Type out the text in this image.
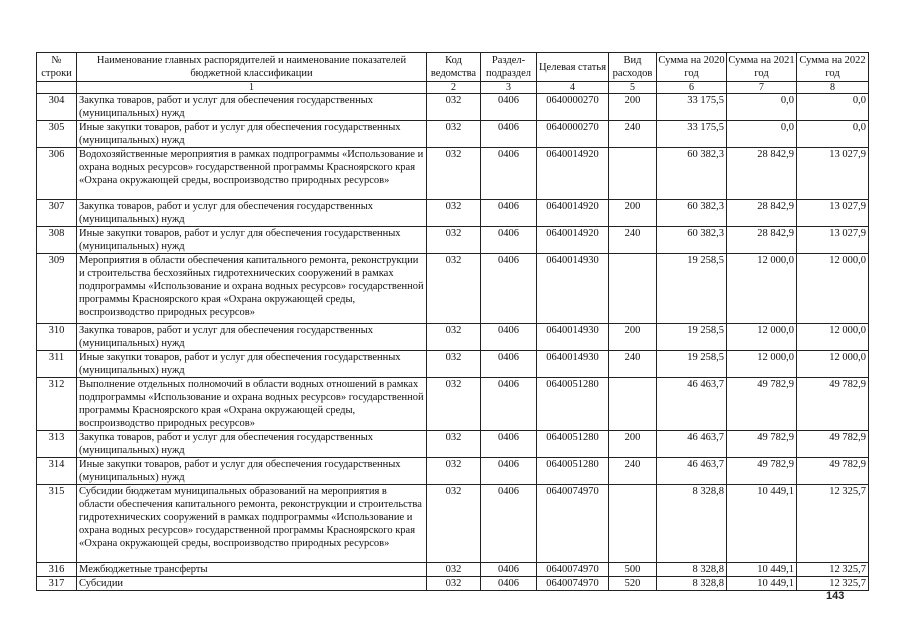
№ строки	Наименование главных распорядителей и наименование показателей бюджетной классификации	Код ведомства	Раздел-подраздел	Целевая статья	Вид расходов	Сумма на 2020 год	Сумма на 2021 год	Сумма на 2022 год
	1	2	3	4	5	6	7	8
304	Закупка товаров, работ и услуг для обеспечения государственных (муниципальных) нужд	032	0406	0640000270	200	33 175,5	0,0	0,0
305	Иные закупки товаров, работ и услуг для обеспечения государственных (муниципальных) нужд	032	0406	0640000270	240	33 175,5	0,0	0,0
306	Водохозяйственные мероприятия в рамках подпрограммы «Использование и охрана водных ресурсов» государственной программы Красноярского края «Охрана окружающей среды, воспроизводство природных ресурсов»	032	0406	0640014920		60 382,3	28 842,9	13 027,9
307	Закупка товаров, работ и услуг для обеспечения государственных (муниципальных) нужд	032	0406	0640014920	200	60 382,3	28 842,9	13 027,9
308	Иные закупки товаров, работ и услуг для обеспечения государственных (муниципальных) нужд	032	0406	0640014920	240	60 382,3	28 842,9	13 027,9
309	Мероприятия в области обеспечения капитального ремонта, реконструкции и строительства бесхозяйных гидротехнических сооружений в рамках подпрограммы «Использование и охрана водных ресурсов» государственной программы Красноярского края «Охрана окружающей среды, воспроизводство природных ресурсов»	032	0406	0640014930		19 258,5	12 000,0	12 000,0
310	Закупка товаров, работ и услуг для обеспечения государственных (муниципальных) нужд	032	0406	0640014930	200	19 258,5	12 000,0	12 000,0
311	Иные закупки товаров, работ и услуг для обеспечения государственных (муниципальных) нужд	032	0406	0640014930	240	19 258,5	12 000,0	12 000,0
312	Выполнение отдельных полномочий в области водных отношений в рамках подпрограммы «Использование и охрана водных ресурсов» государственной программы Красноярского края «Охрана окружающей среды, воспроизводство природных ресурсов»	032	0406	0640051280		46 463,7	49 782,9	49 782,9
313	Закупка товаров, работ и услуг для обеспечения государственных (муниципальных) нужд	032	0406	0640051280	200	46 463,7	49 782,9	49 782,9
314	Иные закупки товаров, работ и услуг для обеспечения государственных (муниципальных) нужд	032	0406	0640051280	240	46 463,7	49 782,9	49 782,9
315	Субсидии бюджетам муниципальных образований на мероприятия в области обеспечения капитального ремонта, реконструкции и строительства гидротехнических сооружений в рамках подпрограммы «Использование и охрана водных ресурсов» государственной программы Красноярского края «Охрана окружающей среды, воспроизводство природных ресурсов»	032	0406	0640074970		8 328,8	10 449,1	12 325,7
316	Межбюджетные трансферты	032	0406	0640074970	500	8 328,8	10 449,1	12 325,7
317	Субсидии	032	0406	0640074970	520	8 328,8	10 449,1	12 325,7
143
